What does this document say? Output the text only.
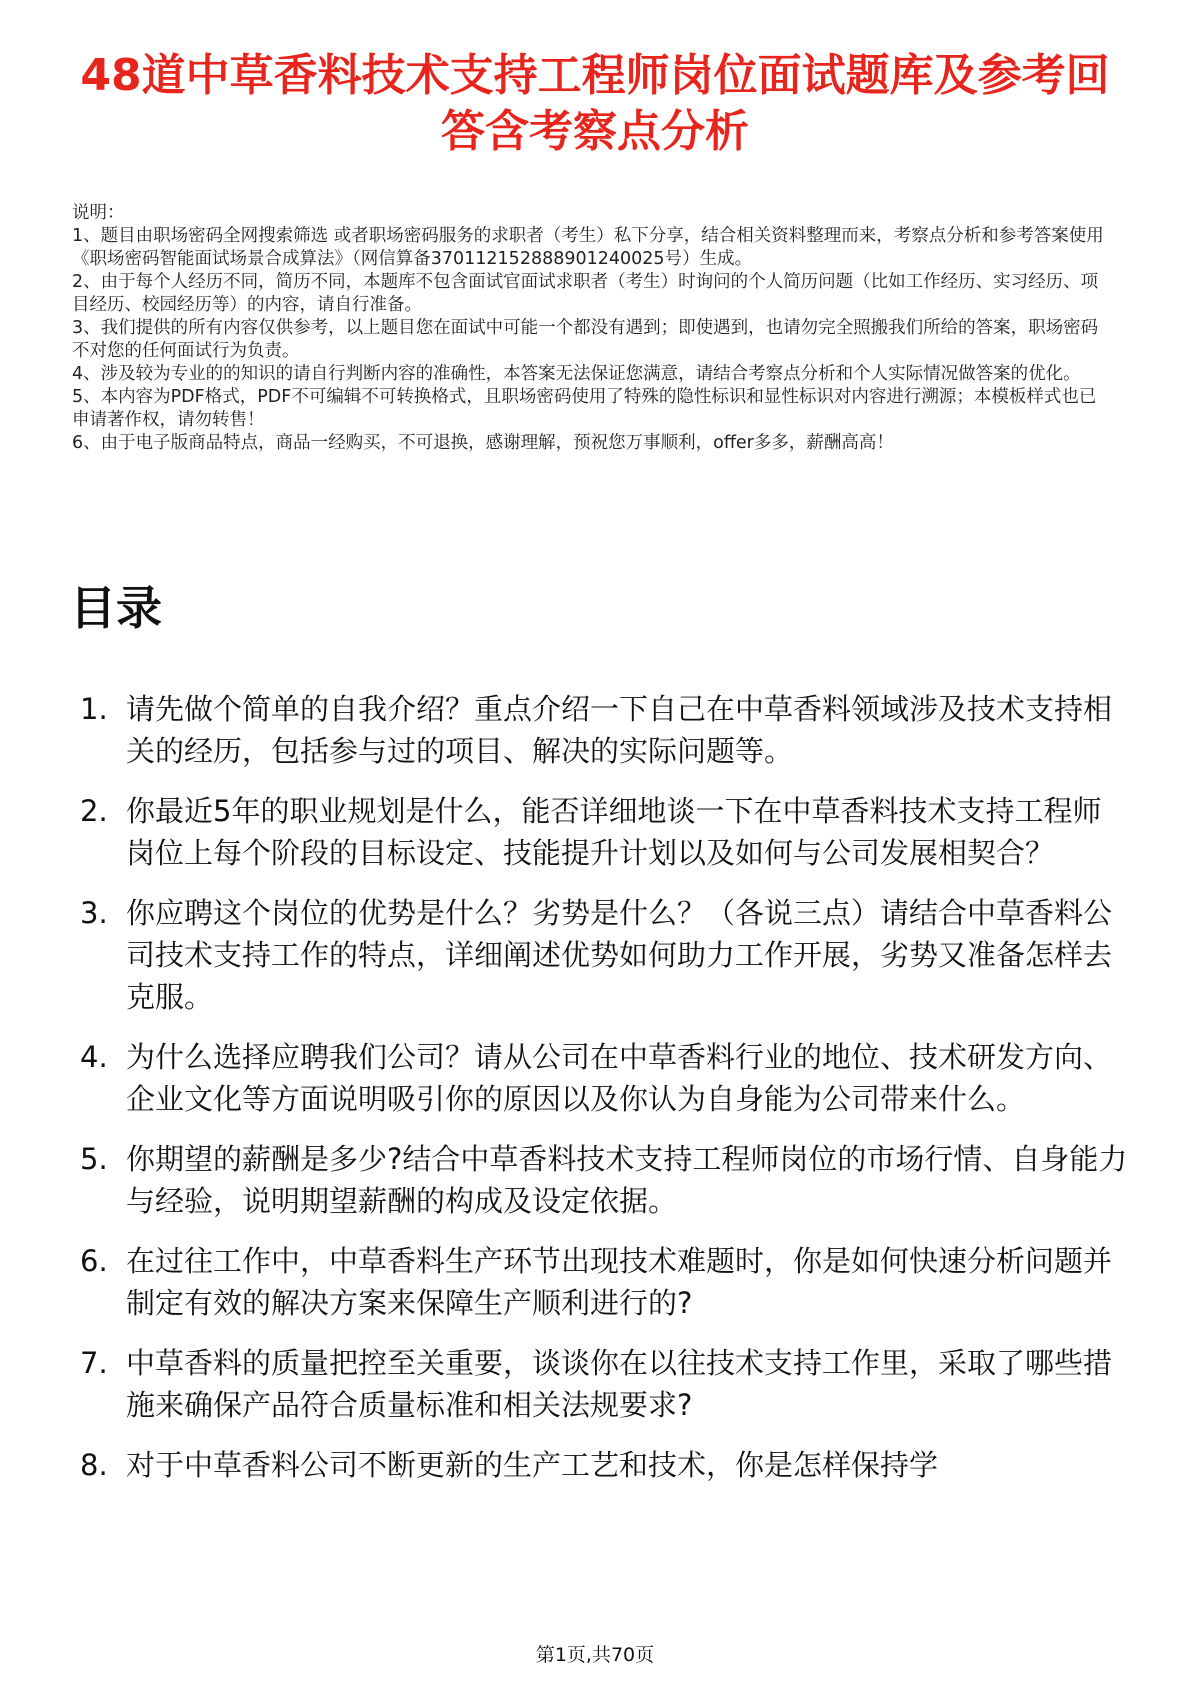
48道中草香料技术支持工程师岗位面试题库及参考回答含考察点分析
说明：
1、题目由职场密码全网搜索筛选 或者职场密码服务的求职者（考生）私下分享，结合相关资料整理而来，考察点分析和参考答案使用《职场密码智能面试场景合成算法》（网信算备370112152888901240025号）生成。
2、由于每个人经历不同，简历不同，本题库不包含面试官面试求职者（考生）时询问的个人简历问题（比如工作经历、实习经历、项目经历、校园经历等）的内容，请自行准备。
3、我们提供的所有内容仅供参考，以上题目您在面试中可能一个都没有遇到；即使遇到，也请勿完全照搬我们所给的答案，职场密码不对您的任何面试行为负责。
4、涉及较为专业的的知识的请自行判断内容的准确性，本答案无法保证您满意，请结合考察点分析和个人实际情况做答案的优化。
5、本内容为PDF格式，PDF不可编辑不可转换格式，且职场密码使用了特殊的隐性标识和显性标识对内容进行溯源；本模板样式也已申请著作权，请勿转售！
6、由于电子版商品特点，商品一经购买，不可退换，感谢理解，预祝您万事顺利，offer多多，薪酬高高！
目录
1. 请先做个简单的自我介绍？重点介绍一下自己在中草香料领域涉及技术支持相关的经历，包括参与过的项目、解决的实际问题等。
2. 你最近5年的职业规划是什么，能否详细地谈一下在中草香料技术支持工程师岗位上每个阶段的目标设定、技能提升计划以及如何与公司发展相契合？
3. 你应聘这个岗位的优势是什么？劣势是什么？（各说三点）请结合中草香料公司技术支持工作的特点，详细阐述优势如何助力工作开展，劣势又准备怎样去克服。
4. 为什么选择应聘我们公司？请从公司在中草香料行业的地位、技术研发方向、企业文化等方面说明吸引你的原因以及你认为自身能为公司带来什么。
5. 你期望的薪酬是多少?结合中草香料技术支持工程师岗位的市场行情、自身能力与经验，说明期望薪酬的构成及设定依据。
6. 在过往工作中，中草香料生产环节出现技术难题时，你是如何快速分析问题并制定有效的解决方案来保障生产顺利进行的?
7. 中草香料的质量把控至关重要，谈谈你在以往技术支持工作里，采取了哪些措施来确保产品符合质量标准和相关法规要求?
8. 对于中草香料公司不断更新的生产工艺和技术，你是怎样保持学
第1页,共70页
